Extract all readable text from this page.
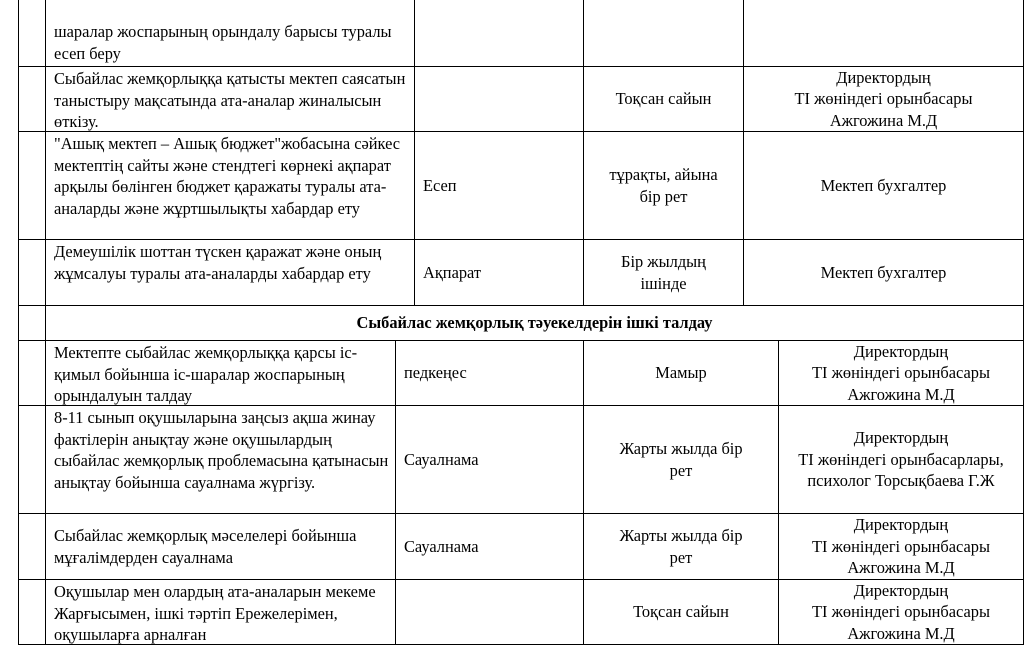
шаралар жоспарының орындалу барысы туралы есеп беру
Сыбайлас жемқорлыққа қатысты мектеп саясатын таныстыру мақсатында ата-аналар жиналысын өткізу.
Тоқсан сайын
Директордың
ТІ жөніндегі орынбасары
Ажгожина М.Д
"Ашық мектеп – Ашық бюджет"жобасына сәйкес мектептің сайты және стендтегі көрнекі ақпарат арқылы бөлінген бюджет қаражаты туралы ата-аналарды және жұртшылықты хабардар ету
Есеп
тұрақты, айына
бір рет
Мектеп бухгалтер
Демеушілік шоттан түскен қаражат және оның жұмсалуы туралы ата-аналарды хабардар ету	Ақпарат
Бір жылдың
ішінде
Мектеп бухгалтер
Сыбайлас жемқорлық тәуекелдерін ішкі талдау
Мектепте сыбайлас жемқорлыққа қарсы іс-қимыл бойынша іс-шаралар жоспарының орындалуын талдау
педкеңес	Мамыр
Директордың
ТІ жөніндегі орынбасары
Ажгожина М.Д
8-11 сынып оқушыларына заңсыз ақша жинау фактілерін анықтау және оқушылардың сыбайлас жемқорлық проблемасына қатынасын анықтау бойынша сауалнама жүргізу.
Сауалнама
Жарты жылда бір
рет
Директордың
ТІ жөніндегі орынбасарлары,
психолог Торсықбаева Г.Ж
Сыбайлас жемқорлық мәселелері бойынша мұғалімдерден сауалнама
Сауалнама
Жарты жылда бір
рет
Директордың
ТІ жөніндегі орынбасары
Ажгожина М.Д
Оқушылар мен олардың ата-аналарын мекеме Жарғысымен, ішкі тәртіп Ережелерімен, оқушыларға арналған
Тоқсан сайын
Директордың
ТІ жөніндегі орынбасары
Ажгожина М.Д
